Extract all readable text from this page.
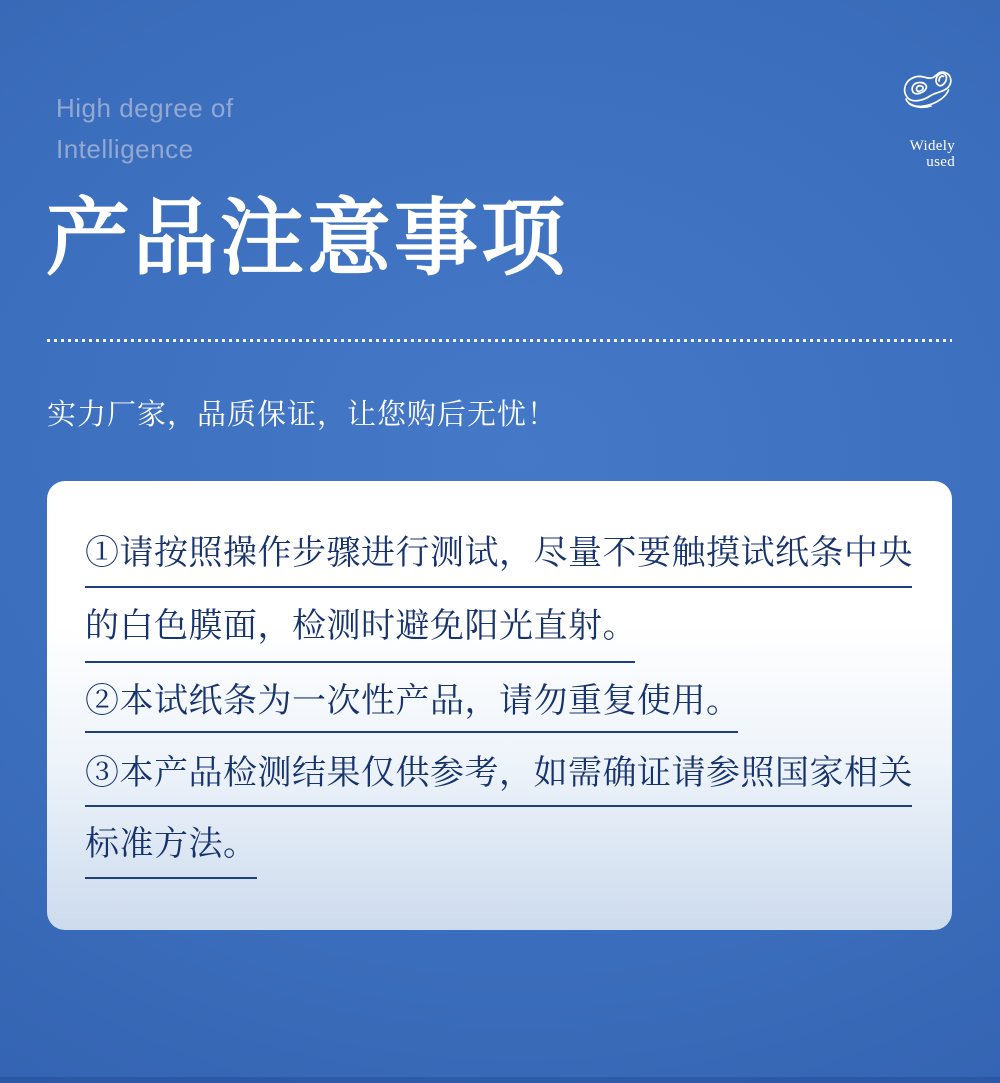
High degree of
Intelligence	Widely
used
产品注意事项
实力厂家，品质保证，让您购后无忧！
①请按照操作步骤进行测试，尽量不要触摸试纸条中央
的白色膜面，检测时避免阳光直射。
②本试纸条为一次性产品，请勿重复使用。
③本产品检测结果仅供参考，如需确证请参照国家相关
标准方法。
